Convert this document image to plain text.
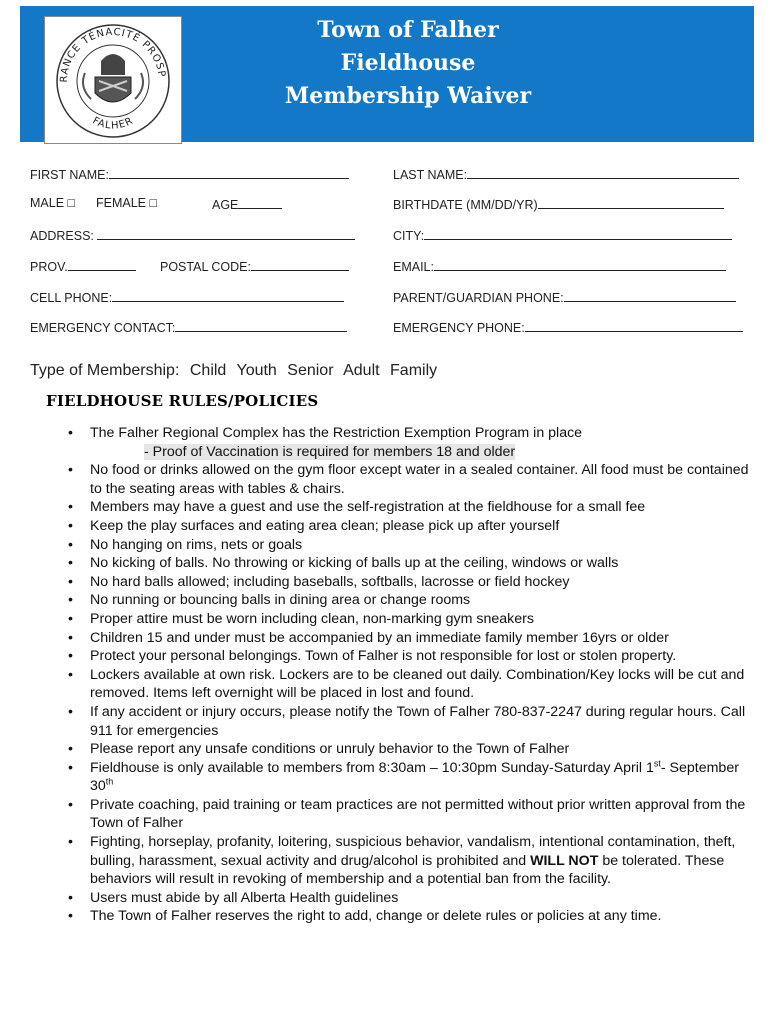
RANCE TÉNACITÉ PROSP
FALHER
Town of Falher
Fieldhouse
Membership Waiver
FIRST NAME:	LAST NAME:
MALE □ FEMALE □	AGE	BIRTHDATE (MM/DD/YR)
ADDRESS:	CITY:
PROV.	POSTAL CODE:	EMAIL:
CELL PHONE:	PARENT/GUARDIAN PHONE:
EMERGENCY CONTACT:	EMERGENCY PHONE:
Type of Membership: Child Youth Senior Adult Family
FIELDHOUSE RULES/POLICIES
• The Falher Regional Complex has the Restriction Exemption Program in place
- Proof of Vaccination is required for members 18 and older
• No food or drinks allowed on the gym floor except water in a sealed container. All food must be contained to the seating areas with tables & chairs.
• Members may have a guest and use the self-registration at the fieldhouse for a small fee
• Keep the play surfaces and eating area clean; please pick up after yourself
• No hanging on rims, nets or goals
• No kicking of balls. No throwing or kicking of balls up at the ceiling, windows or walls
• No hard balls allowed; including baseballs, softballs, lacrosse or field hockey
• No running or bouncing balls in dining area or change rooms
• Proper attire must be worn including clean, non-marking gym sneakers
• Children 15 and under must be accompanied by an immediate family member 16yrs or older
• Protect your personal belongings. Town of Falher is not responsible for lost or stolen property.
• Lockers available at own risk. Lockers are to be cleaned out daily. Combination/Key locks will be cut and removed. Items left overnight will be placed in lost and found.
• If any accident or injury occurs, please notify the Town of Falher 780-837-2247 during regular hours. Call 911 for emergencies
• Please report any unsafe conditions or unruly behavior to the Town of Falher
• Fieldhouse is only available to members from 8:30am – 10:30pm Sunday-Saturday April 1st- September 30th
• Private coaching, paid training or team practices are not permitted without prior written approval from the Town of Falher
• Fighting, horseplay, profanity, loitering, suspicious behavior, vandalism, intentional contamination, theft, bulling, harassment, sexual activity and drug/alcohol is prohibited and WILL NOT be tolerated. These behaviors will result in revoking of membership and a potential ban from the facility.
• Users must abide by all Alberta Health guidelines
• The Town of Falher reserves the right to add, change or delete rules or policies at any time.
